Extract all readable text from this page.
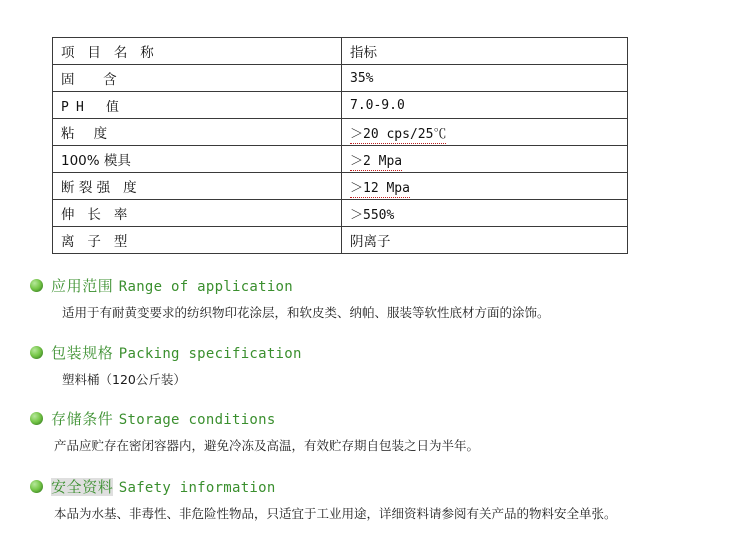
项 目 名 称	指标
固 含	35%
PH 值	7.0-9.0
粘 度	＞20 cps/25℃
100% 模具	＞2 Mpa
断裂强 度	＞12 Mpa
伸 长 率	＞550%
离 子 型	阴离子
应用范围 Range of application
适用于有耐黄变要求的纺织物印花涂层，和软皮类、纳帕、服装等软性底材方面的涂饰。
包装规格 Packing specification
塑料桶（120公斤装）
存储条件 Storage conditions
产品应贮存在密闭容器内，避免冷冻及高温，有效贮存期自包装之日为半年。
安全资料 Safety information
本品为水基、非毒性、非危险性物品，只适宜于工业用途，详细资料请参阅有关产品的物料安全单张。
